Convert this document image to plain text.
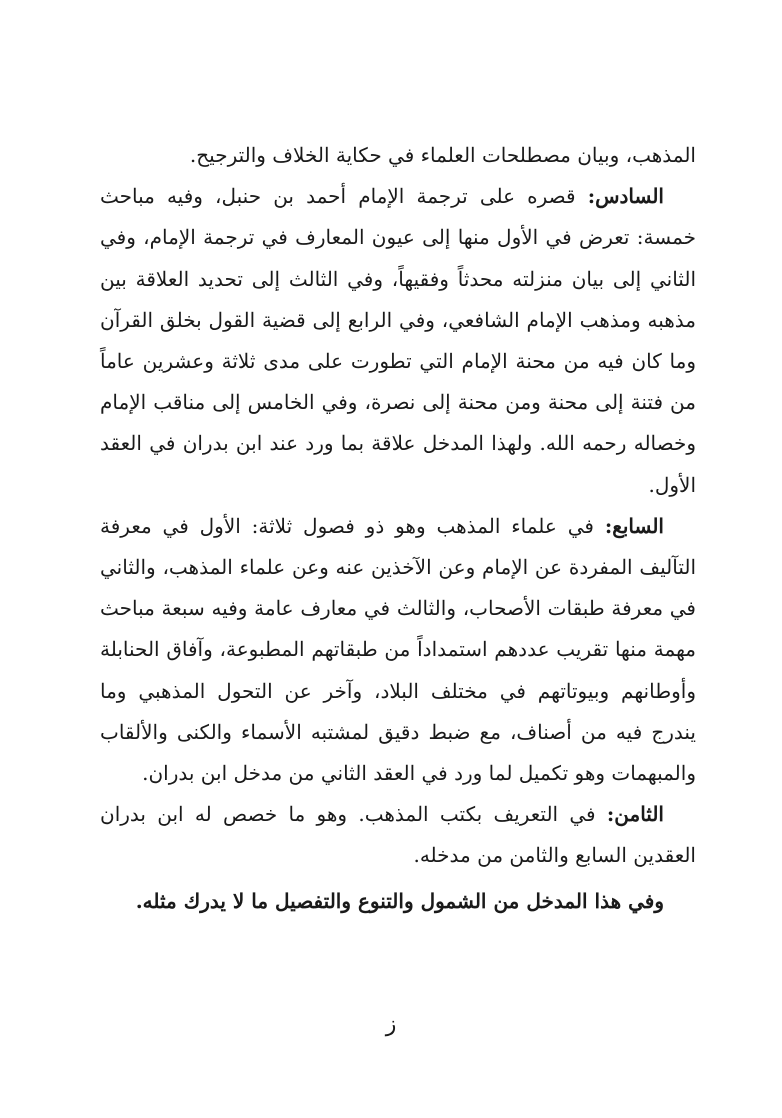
المذهب، وبيان مصطلحات العلماء في حكاية الخلاف والترجيح.

السادس: قصره على ترجمة الإمام أحمد بن حنبل، وفيه مباحث خمسة: تعرض في الأول منها إلى عيون المعارف في ترجمة الإمام، وفي الثاني إلى بيان منزلته محدثاً وفقيهاً، وفي الثالث إلى تحديد العلاقة بين مذهبه ومذهب الإمام الشافعي، وفي الرابع إلى قضية القول بخلق القرآن وما كان فيه من محنة الإمام التي تطورت على مدى ثلاثة وعشرين عاماً من فتنة إلى محنة ومن محنة إلى نصرة، وفي الخامس إلى مناقب الإمام وخصاله رحمه الله. ولهذا المدخل علاقة بما ورد عند ابن بدران في العقد الأول.

السابع: في علماء المذهب وهو ذو فصول ثلاثة: الأول في معرفة التآليف المفردة عن الإمام وعن الآخذين عنه وعن علماء المذهب، والثاني في معرفة طبقات الأصحاب، والثالث في معارف عامة وفيه سبعة مباحث مهمة منها تقريب عددهم استمداداً من طبقاتهم المطبوعة، وآفاق الحنابلة وأوطانهم وبيوتاتهم في مختلف البلاد، وآخر عن التحول المذهبي وما يندرج فيه من أصناف، مع ضبط دقيق لمشتبه الأسماء والكنى والألقاب والمبهمات وهو تكميل لما ورد في العقد الثاني من مدخل ابن بدران.

الثامن: في التعريف بكتب المذهب. وهو ما خصص له ابن بدران العقدين السابع والثامن من مدخله.

وفي هذا المدخل من الشمول والتنوع والتفصيل ما لا يدرك مثله.

ز
